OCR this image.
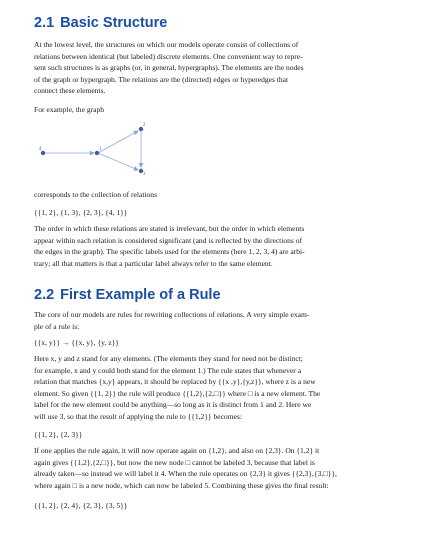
2.1 Basic Structure
At the lowest level, the structures on which our models operate consist of collections of
relations between identical (but labeled) discrete elements. One convenient way to repre-
sent such structures is as graphs (or, in general, hypergraphs). The elements are the nodes
of the graph or hypergraph. The relations are the (directed) edges or hyperedges that
connect these elements.
For example, the graph
1
2
3
4
corresponds to the collection of relations
{{1, 2}, {1, 3}, {2, 3}, {4, 1}}
The order in which these relations are stated is irrelevant, but the order in which elements
appear within each relation is considered significant (and is reflected by the directions of
the edges in the graph). The specific labels used for the elements (here 1, 2, 3, 4) are arbi-
trary; all that matters is that a particular label always refer to the same element.
2.2 First Example of a Rule
The core of our models are rules for rewriting collections of relations. A very simple exam-
ple of a rule is:
{{x, y}} → {{x, y}, {y, z}}
Here x, y and z stand for any elements. (The elements they stand for need not be distinct;
for example, x and y could both stand for the element 1.) The rule states that whenever a
relation that matches {x,y} appears, it should be replaced by {{x ,y},{y,z}}, where z is a new
element. So given {{1, 2}} the rule will produce {{1,2},{2,□}} where □ is a new element. The
label for the new element could be anything—so long as it is distinct from 1 and 2. Here we
will use 3, so that the result of applying the rule to {{1,2}} becomes:
{{1, 2}, {2, 3}}
If one applies the rule again, it will now operate again on {1,2}, and also on {2,3}. On {1,2} it
again gives {{1,2},{2,□}}, but now the new node □ cannot be labeled 3, because that label is
already taken—so instead we will label it 4. When the rule operates on {2,3} it gives {{2,3},{3,□}},
where again □ is a new node, which can now be labeled 5. Combining these gives the final result:
{{1, 2}, {2, 4}, {2, 3}, {3, 5}}
